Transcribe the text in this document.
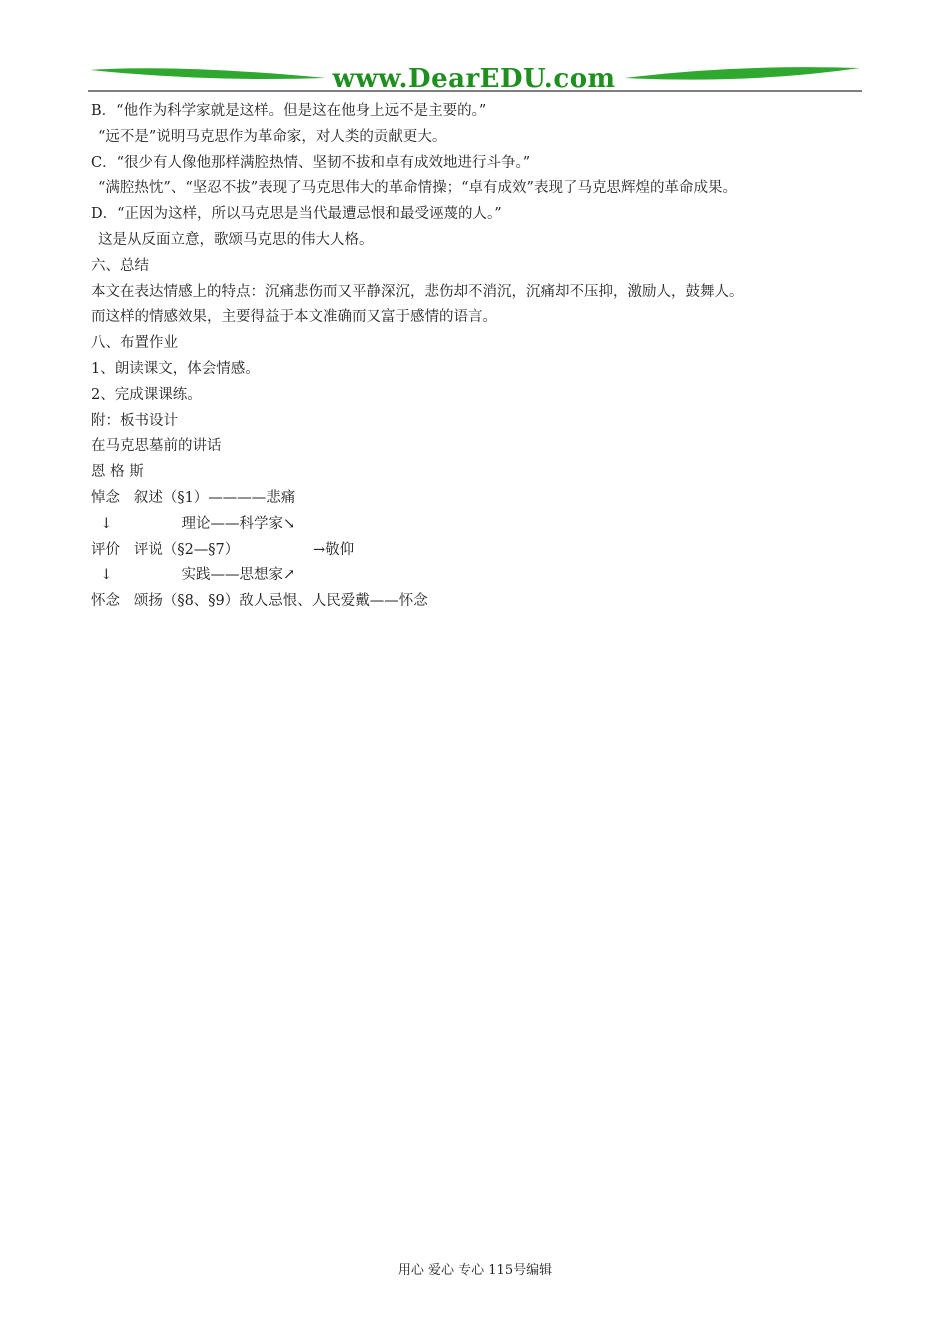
www.DearEDU.com
B．“他作为科学家就是这样。但是这在他身上远不是主要的。”
“远不是”说明马克思作为革命家，对人类的贡献更大。
C．“很少有人像他那样满腔热情、坚韧不拔和卓有成效地进行斗争。”
“满腔热忱”、“坚忍不拔”表现了马克思伟大的革命情操；“卓有成效”表现了马克思辉煌的革命成果。
D．“正因为这样，所以马克思是当代最遭忌恨和最受诬蔑的人。”
这是从反面立意，歌颂马克思的伟大人格。
六、总结
本文在表达情感上的特点：沉痛悲伤而又平静深沉，悲伤却不消沉，沉痛却不压抑，激励人，鼓舞人。
而这样的情感效果，主要得益于本文准确而又富于感情的语言。
八、布置作业
1、朗读课文，体会情感。
2、完成课课练。
附：板书设计
在马克思墓前的讲话
恩 格 斯
悼念   叙述（§1）————悲痛
↓               理论——科学家↘
评价   评说（§2—§7）                →敬仰
↓               实践——思想家↗
怀念   颂扬（§8、§9）敌人忌恨、人民爱戴——怀念
用心 爱心 专心 115号编辑
